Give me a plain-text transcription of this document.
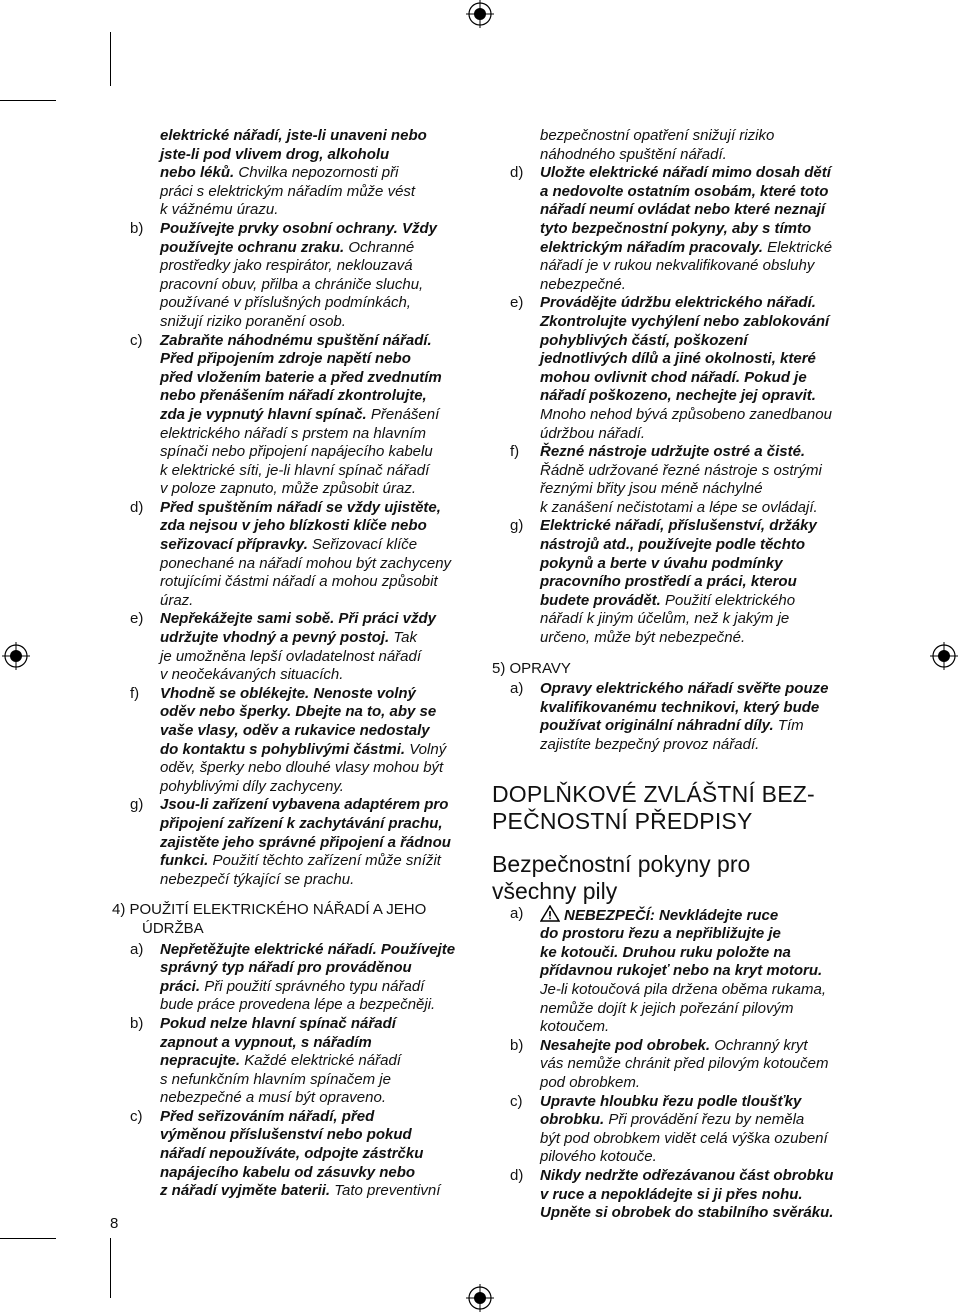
elektrické nářadí, jste-li unaveni nebo
jste-li pod vlivem drog, alkoholu
nebo léků. Chvilka nepozornosti při
práci s elektrickým nářadím může vést
k vážnému úrazu.
b) Používejte prvky osobní ochrany. Vždy
používejte ochranu zraku. Ochranné
prostředky jako respirátor, neklouzavá
pracovní obuv, přilba a chrániče sluchu,
používané v příslušných podmínkách,
snižují riziko poranění osob.
c) Zabraňte náhodnému spuštění nářadí.
Před připojením zdroje napětí nebo
před vložením baterie a před zvednutím
nebo přenášením nářadí zkontrolujte,
zda je vypnutý hlavní spínač. Přenášení
elektrického nářadí s prstem na hlavním
spínači nebo připojení napájecího kabelu
k elektrické síti, je-li hlavní spínač nářadí
v poloze zapnuto, může způsobit úraz.
d) Před spuštěním nářadí se vždy ujistěte,
zda nejsou v jeho blízkosti klíče nebo
seřizovací přípravky. Seřizovací klíče
ponechané na nářadí mohou být zachyceny
rotujícími částmi nářadí a mohou způsobit
úraz.
e) Nepřekážejte sami sobě. Při práci vždy
udržujte vhodný a pevný postoj. Tak
je umožněna lepší ovladatelnost nářadí
v neočekávaných situacích.
f) Vhodně se oblékejte. Nenoste volný
oděv nebo šperky. Dbejte na to, aby se
vaše vlasy, oděv a rukavice nedostaly
do kontaktu s pohyblivými částmi. Volný
oděv, šperky nebo dlouhé vlasy mohou být
pohyblivými díly zachyceny.
g) Jsou-li zařízení vybavena adaptérem pro
připojení zařízení k zachytávání prachu,
zajistěte jeho správné připojení a řádnou
funkci. Použití těchto zařízení může snížit
nebezpečí týkající se prachu.
4) POUŽITÍ ELEKTRICKÉHO NÁŘADÍ A JEHO
ÚDRŽBA
a) Nepřetěžujte elektrické nářadí. Používejte
správný typ nářadí pro prováděnou
práci. Při použití správného typu nářadí
bude práce provedena lépe a bezpečněji.
b) Pokud nelze hlavní spínač nářadí
zapnout a vypnout, s nářadím
nepracujte. Každé elektrické nářadí
s nefunkčním hlavním spínačem je
nebezpečné a musí být opraveno.
c) Před seřizováním nářadí, před
výměnou příslušenství nebo pokud
nářadí nepoužíváte, odpojte zástrčku
napájecího kabelu od zásuvky nebo
z nářadí vyjměte baterii. Tato preventivní
bezpečnostní opatření snižují riziko
náhodného spuštění nářadí.
d) Uložte elektrické nářadí mimo dosah dětí
a nedovolte ostatním osobám, které toto
nářadí neumí ovládat nebo které neznají
tyto bezpečnostní pokyny, aby s tímto
elektrickým nářadím pracovaly. Elektrické
nářadí je v rukou nekvalifikované obsluhy
nebezpečné.
e) Provádějte údržbu elektrického nářadí.
Zkontrolujte vychýlení nebo zablokování
pohyblivých částí, poškození
jednotlivých dílů a jiné okolnosti, které
mohou ovlivnit chod nářadí. Pokud je
nářadí poškozeno, nechejte jej opravit.
Mnoho nehod bývá způsobeno zanedbanou
údržbou nářadí.
f) Řezné nástroje udržujte ostré a čisté.
Řádně udržované řezné nástroje s ostrými
řeznými břity jsou méně náchylné
k zanášení nečistotami a lépe se ovládají.
g) Elektrické nářadí, příslušenství, držáky
nástrojů atd., používejte podle těchto
pokynů a berte v úvahu podmínky
pracovního prostředí a práci, kterou
budete provádět. Použití elektrického
nářadí k jiným účelům, než k jakým je
určeno, může být nebezpečné.
5) OPRAVY
a) Opravy elektrického nářadí svěřte pouze
kvalifikovanému technikovi, který bude
používat originální náhradní díly. Tím
zajistíte bezpečný provoz nářadí.
DOPLŇKOVÉ ZVLÁŠTNÍ BEZ-
PEČNOSTNÍ PŘEDPISY
Bezpečnostní pokyny pro
všechny pily
a)	NEBEZPEČÍ: Nevkládejte ruce
do prostoru řezu a nepřibližujte je
ke kotouči. Druhou ruku položte na
přídavnou rukojeť nebo na kryt motoru.
Je-li kotoučová pila držena oběma rukama,
nemůže dojít k jejich pořezání pilovým
kotoučem.
b) Nesahejte pod obrobek. Ochranný kryt
vás nemůže chránit před pilovým kotoučem
pod obrobkem.
c) Upravte hloubku řezu podle tloušťky
obrobku. Při provádění řezu by neměla
být pod obrobkem vidět celá výška ozubení
pilového kotouče.
d) Nikdy nedržte odřezávanou část obrobku
v ruce a nepokládejte si ji přes nohu.
Upněte si obrobek do stabilního svěráku.
8
